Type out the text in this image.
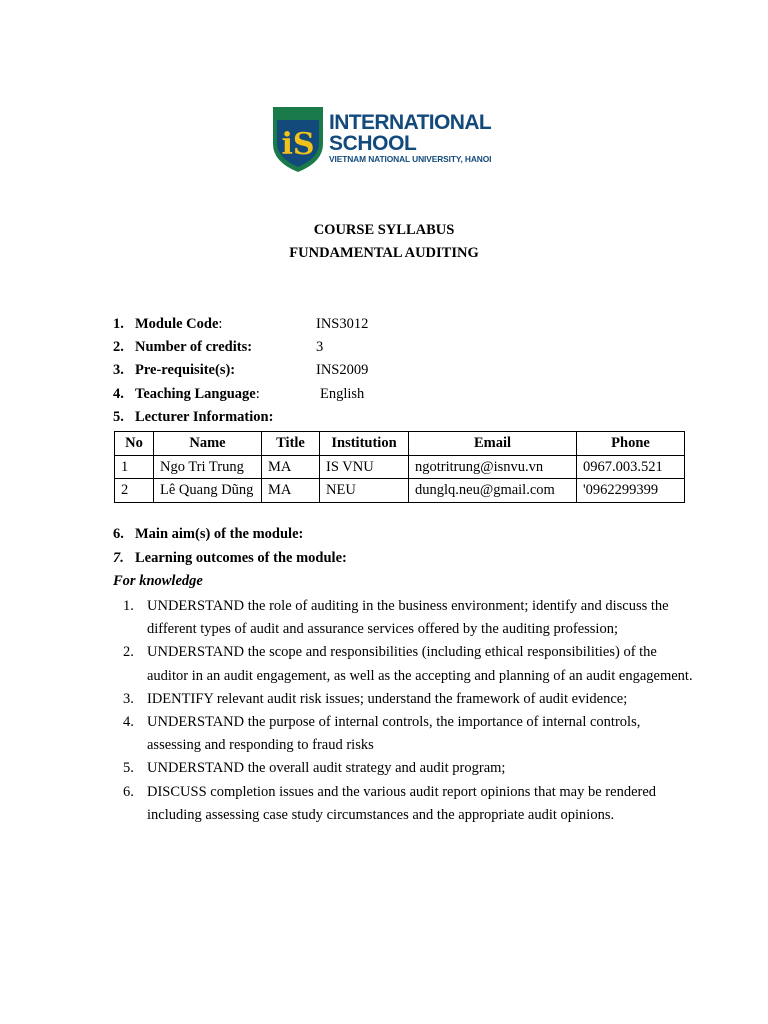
iS
INTERNATIONAL
SCHOOL
VIETNAM NATIONAL UNIVERSITY, HANOI
COURSE SYLLABUS
FUNDAMENTAL AUDITING
1. Module Code:	INS3012
2. Number of credits:	3
3. Pre-requisite(s):	INS2009
4. Teaching Language:	English
5. Lecturer Information:
No	Name	Title	Institution	Email	Phone
1	Ngo Tri Trung	MA	IS VNU	ngotritrung@isnvu.vn	0967.003.521
2	Lê Quang Dũng	MA	NEU	dunglq.neu@gmail.com	'0962299399
6. Main aim(s) of the module:
7. Learning outcomes of the module:
For knowledge
1. UNDERSTAND the role of auditing in the business environment; identify and discuss the different types of audit and assurance services offered by the auditing profession;
2. UNDERSTAND the scope and responsibilities (including ethical responsibilities) of the auditor in an audit engagement, as well as the accepting and planning of an audit engagement.
3. IDENTIFY relevant audit risk issues; understand the framework of audit evidence;
4. UNDERSTAND the purpose of internal controls, the importance of internal controls, assessing and responding to fraud risks
5. UNDERSTAND the overall audit strategy and audit program;
6. DISCUSS completion issues and the various audit report opinions that may be rendered including assessing case study circumstances and the appropriate audit opinions.
